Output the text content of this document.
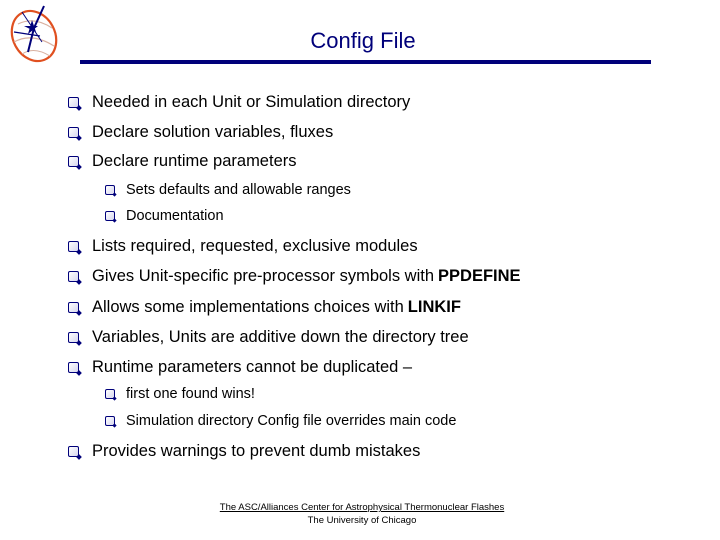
Config File
Needed in each Unit or Simulation directory
Declare solution variables, fluxes
Declare runtime parameters
Sets defaults and allowable ranges
Documentation
Lists required, requested, exclusive modules
Gives Unit-specific pre-processor symbols with PPDEFINE
Allows some implementations choices with LINKIF
Variables, Units are additive down the directory tree
Runtime parameters cannot be duplicated –
first one found wins!
Simulation directory Config file overrides main code
Provides warnings to prevent dumb mistakes
The ASC/Alliances Center for Astrophysical Thermonuclear Flashes
The University of Chicago
